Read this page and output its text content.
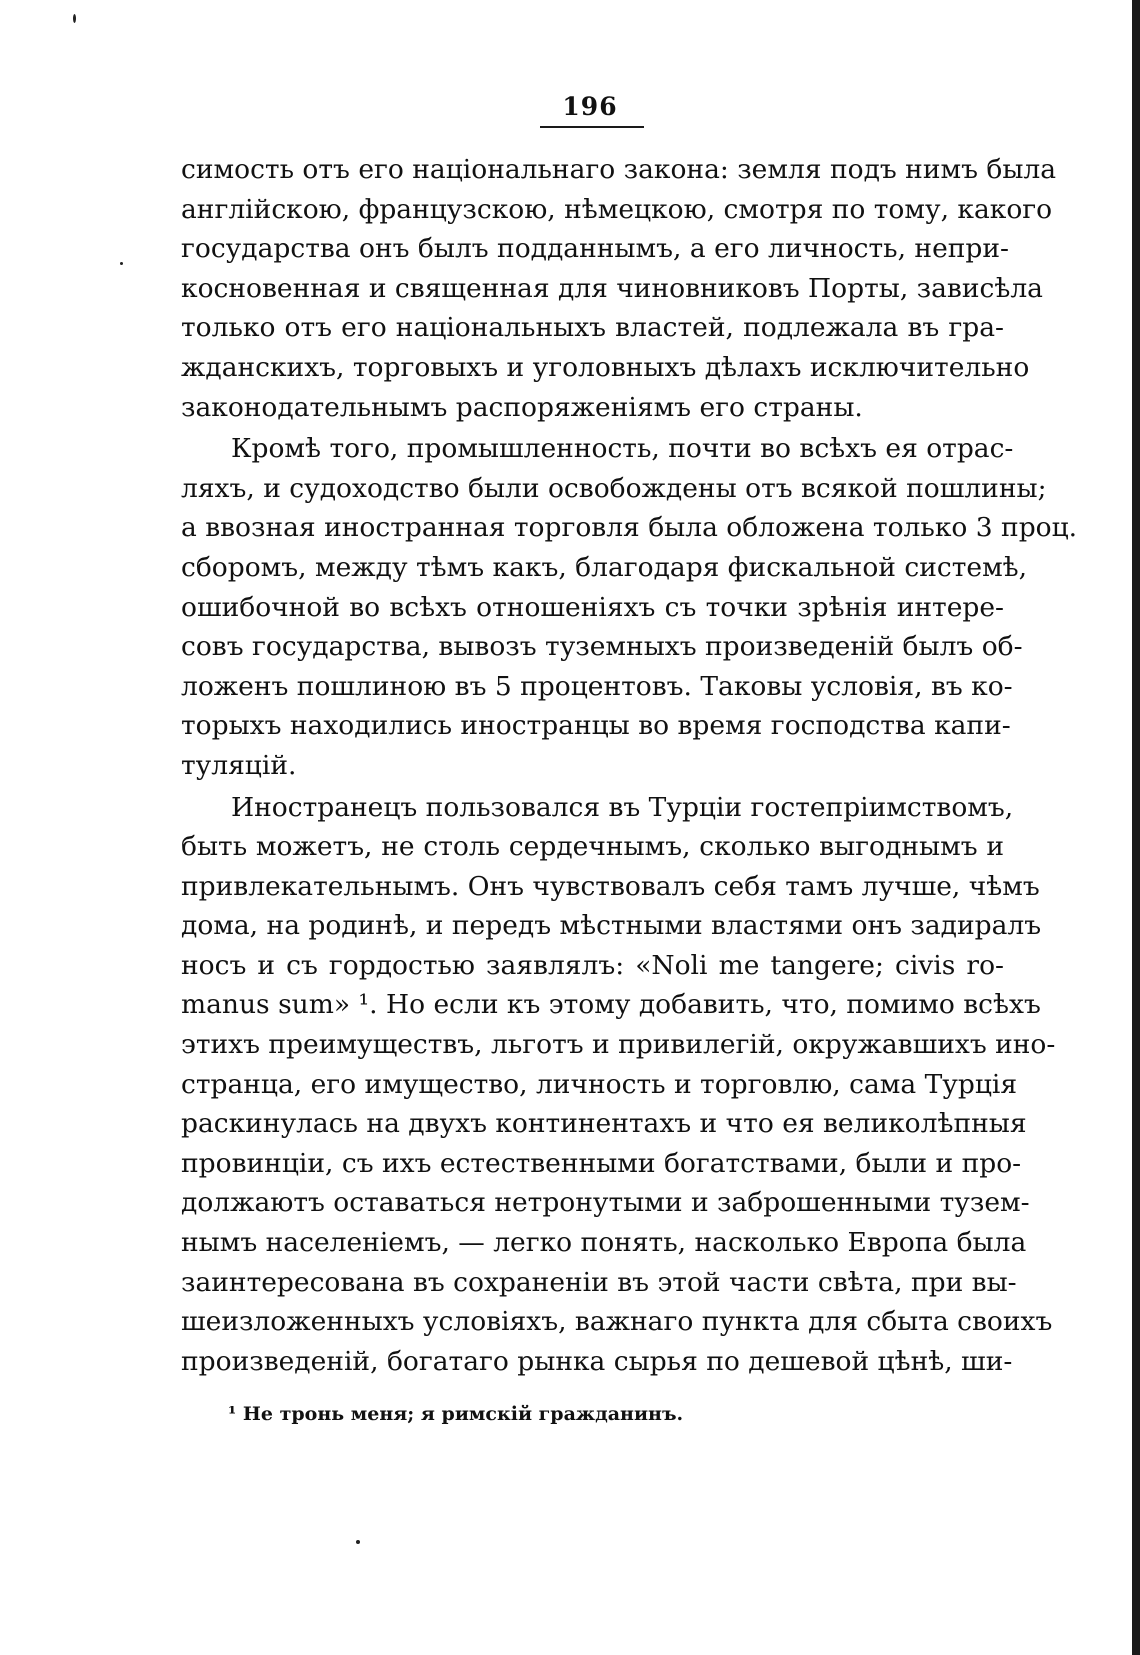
196
симость отъ его національнаго закона: земля подъ нимъ была
англійскою, французскою, нѣмецкою, смотря по тому, какого
государства онъ былъ подданнымъ, а его личность, непри-
косновенная и священная для чиновниковъ Порты, зависѣла
только отъ его національныхъ властей, подлежала въ гра-
жданскихъ, торговыхъ и уголовныхъ дѣлахъ исключительно
законодательнымъ распоряженіямъ его страны.
Кромѣ того, промышленность, почти во всѣхъ ея отрас-
ляхъ, и судоходство были освобождены отъ всякой пошлины;
а ввозная иностранная торговля была обложена только 3 проц.
сборомъ, между тѣмъ какъ, благодаря фискальной системѣ,
ошибочной во всѣхъ отношеніяхъ съ точки зрѣнія интере-
совъ государства, вывозъ туземныхъ произведеній былъ об-
ложенъ пошлиною въ 5 процентовъ. Таковы условія, въ ко-
торыхъ находились иностранцы во время господства капи-
туляцій.
Иностранецъ пользовался въ Турціи гостепріимствомъ,
быть можетъ, не столь сердечнымъ, сколько выгоднымъ и
привлекательнымъ. Онъ чувствовалъ себя тамъ лучше, чѣмъ
дома, на родинѣ, и передъ мѣстными властями онъ задиралъ
носъ и съ гордостью заявлялъ: «Noli me tangere; civis ro-
manus sum» ¹. Но если къ этому добавить, что, помимо всѣхъ
этихъ преимуществъ, льготъ и привилегій, окружавшихъ ино-
странца, его имущество, личность и торговлю, сама Турція
раскинулась на двухъ континентахъ и что ея великолѣпныя
провинціи, съ ихъ естественными богатствами, были и про-
должаютъ оставаться нетронутыми и заброшенными тузем-
нымъ населеніемъ, — легко понять, насколько Европа была
заинтересована въ сохраненіи въ этой части свѣта, при вы-
шеизложенныхъ условіяхъ, важнаго пункта для сбыта своихъ
произведеній, богатаго рынка сырья по дешевой цѣнѣ, ши-
¹ Не тронь меня; я римскій гражданинъ.
